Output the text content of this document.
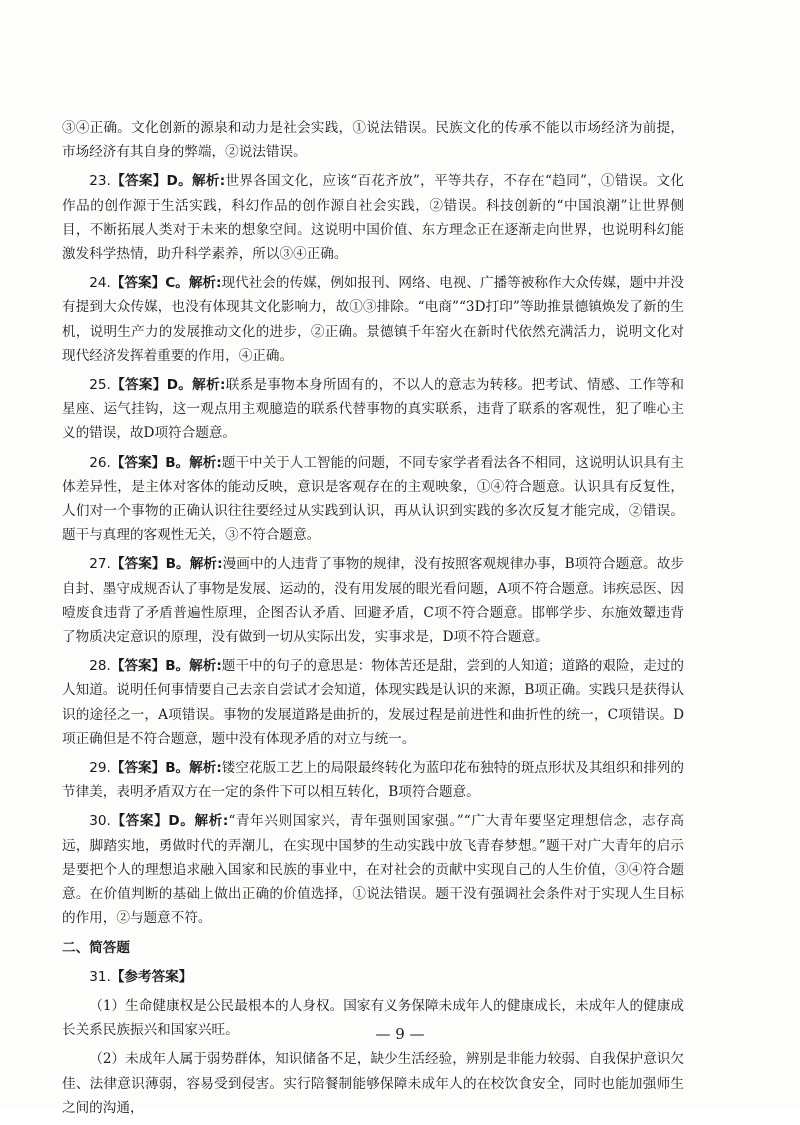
③④正确。文化创新的源泉和动力是社会实践，①说法错误。民族文化的传承不能以市场经济为前提，市场经济有其自身的弊端，②说法错误。

23.【答案】D。解析:世界各国文化，应该“百花齐放”，平等共存，不存在“趋同”，①错误。文化作品的创作源于生活实践，科幻作品的创作源自社会实践，②错误。科技创新的“中国浪潮”让世界侧目，不断拓展人类对于未来的想象空间。这说明中国价值、东方理念正在逐渐走向世界，也说明科幻能激发科学热情，助升科学素养，所以③④正确。

24.【答案】C。解析:现代社会的传媒，例如报刊、网络、电视、广播等被称作大众传媒，题中并没有提到大众传媒，也没有体现其文化影响力，故①③排除。“电商”“3D打印”等助推景德镇焕发了新的生机，说明生产力的发展推动文化的进步，②正确。景德镇千年窑火在新时代依然充满活力，说明文化对现代经济发挥着重要的作用，④正确。

25.【答案】D。解析:联系是事物本身所固有的，不以人的意志为转移。把考试、情感、工作等和星座、运气挂钩，这一观点用主观臆造的联系代替事物的真实联系，违背了联系的客观性，犯了唯心主义的错误，故D项符合题意。

26.【答案】B。解析:题干中关于人工智能的问题，不同专家学者看法各不相同，这说明认识具有主体差异性，是主体对客体的能动反映，意识是客观存在的主观映象，①④符合题意。认识具有反复性，人们对一个事物的正确认识往往要经过从实践到认识，再从认识到实践的多次反复才能完成，②错误。题干与真理的客观性无关，③不符合题意。

27.【答案】B。解析:漫画中的人违背了事物的规律，没有按照客观规律办事，B项符合题意。故步自封、墨守成规否认了事物是发展、运动的，没有用发展的眼光看问题，A项不符合题意。讳疾忌医、因噎废食违背了矛盾普遍性原理，企图否认矛盾、回避矛盾，C项不符合题意。邯郸学步、东施效颦违背了物质决定意识的原理，没有做到一切从实际出发，实事求是，D项不符合题意。

28.【答案】B。解析:题干中的句子的意思是：物体苦还是甜，尝到的人知道；道路的艰险，走过的人知道。说明任何事情要自己去亲自尝试才会知道，体现实践是认识的来源，B项正确。实践只是获得认识的途径之一，A项错误。事物的发展道路是曲折的，发展过程是前进性和曲折性的统一，C项错误。D项正确但是不符合题意，题中没有体现矛盾的对立与统一。

29.【答案】B。解析:镂空花版工艺上的局限最终转化为蓝印花布独特的斑点形状及其组织和排列的节律美，表明矛盾双方在一定的条件下可以相互转化，B项符合题意。

30.【答案】D。解析:“青年兴则国家兴，青年强则国家强。”“广大青年要坚定理想信念，志存高远，脚踏实地，勇做时代的弄潮儿，在实现中国梦的生动实践中放飞青春梦想。”题干对广大青年的启示是要把个人的理想追求融入国家和民族的事业中，在对社会的贡献中实现自己的人生价值，③④符合题意。在价值判断的基础上做出正确的价值选择，①说法错误。题干没有强调社会条件对于实现人生目标的作用，②与题意不符。

二、简答题

31.【参考答案】

（1）生命健康权是公民最根本的人身权。国家有义务保障未成年人的健康成长，未成年人的健康成长关系民族振兴和国家兴旺。

（2）未成年人属于弱势群体，知识储备不足，缺少生活经验，辨别是非能力较弱、自我保护意识欠佳、法律意识薄弱，容易受到侵害。实行陪餐制能够保障未成年人的在校饮食安全，同时也能加强师生之间的沟通，

— 9 —
